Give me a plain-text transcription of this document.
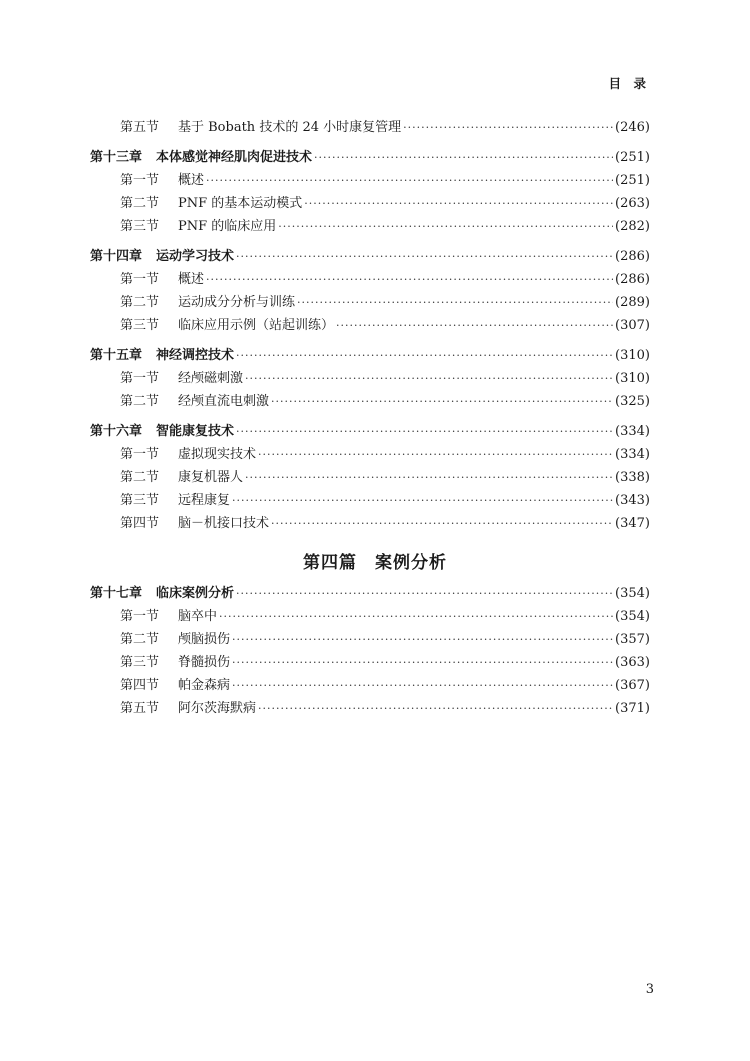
目 录
第五节	基于 Bobath 技术的 24 小时康复管理 ·····	(246)
第十三章 本体感觉神经肌肉促进技术 ·····	(251)
第一节	概述 ·····	(251)
第二节	PNF 的基本运动模式 ·····	(263)
第三节	PNF 的临床应用 ·····	(282)
第十四章 运动学习技术 ·····	(286)
第一节	概述 ·····	(286)
第二节	运动成分分析与训练 ·····	(289)
第三节	临床应用示例（站起训练） ·····	(307)
第十五章 神经调控技术 ·····	(310)
第一节	经颅磁刺激 ·····	(310)
第二节	经颅直流电刺激 ·····	(325)
第十六章 智能康复技术 ·····	(334)
第一节	虚拟现实技术 ·····	(334)
第二节	康复机器人 ·····	(338)
第三节	远程康复 ·····	(343)
第四节	脑－机接口技术 ·····	(347)
第十七章 临床案例分析 ·····	(354)
第一节	脑卒中 ·····	(354)
第二节	颅脑损伤 ·····	(357)
第三节	脊髓损伤 ·····	(363)
第四节	帕金森病 ·····	(367)
第五节	阿尔茨海默病 ·····	(371)
第四篇　案例分析
3
